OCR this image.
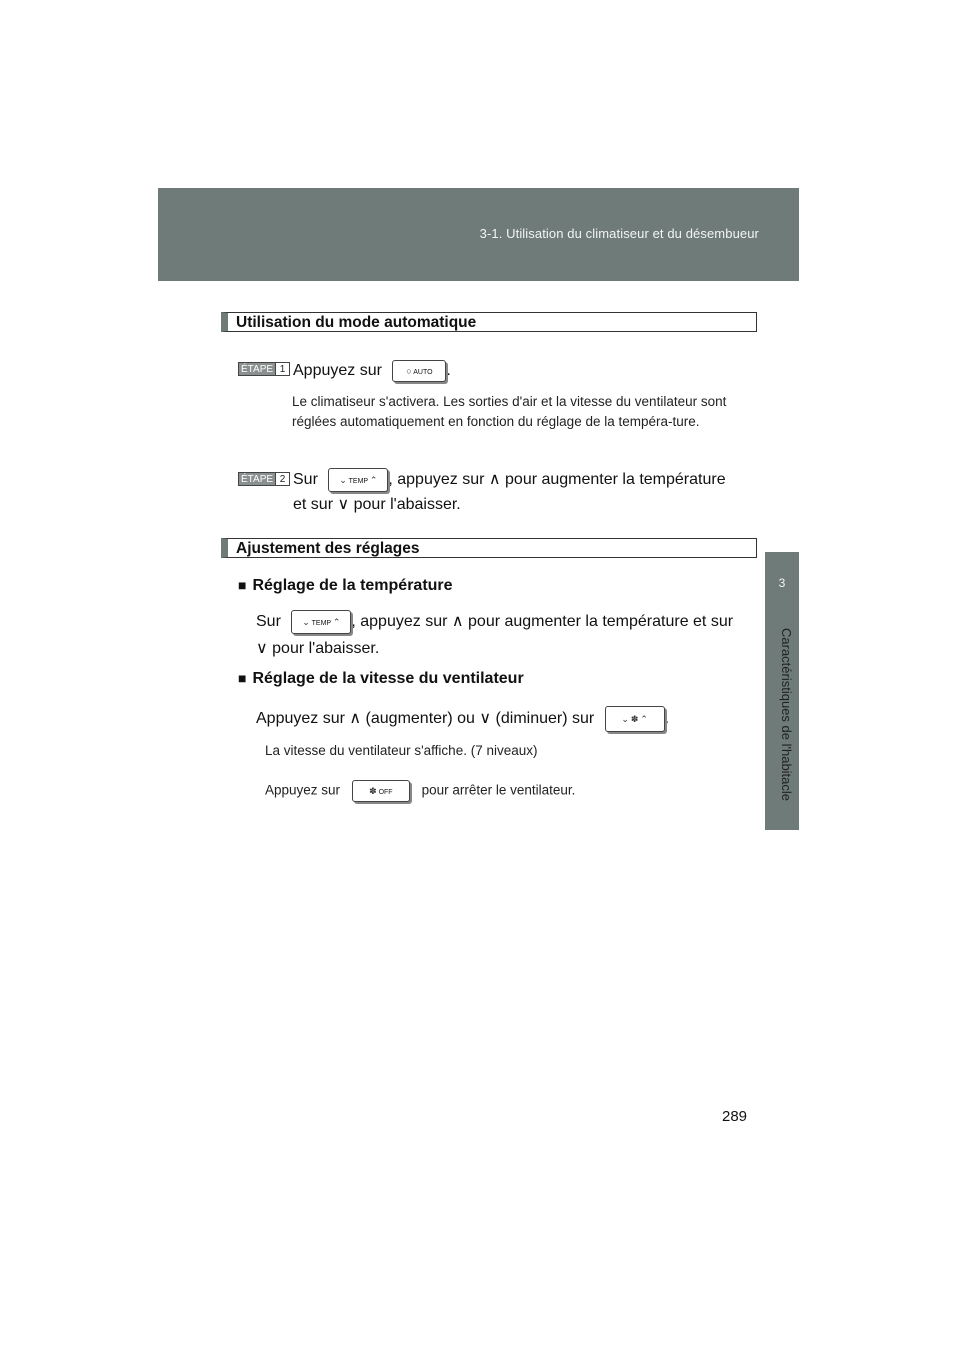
3-1. Utilisation du climatiseur et du désembueur
3
Caractéristiques de l'habitacle
Utilisation du mode automatique
ÉTAPE 1 Appuyez sur	○ AUTO .
Le climatiseur s'activera. Les sorties d'air et la vitesse du ventilateur sont réglées automatiquement en fonction du réglage de la tempéra-ture.
ÉTAPE 2 Sur ⌄ TEMP ⌃ , appuyez sur ∧ pour augmenter la température
et sur ∨ pour l'abaisser.
Ajustement des réglages
■ Réglage de la température
Sur ⌄ TEMP ⌃ , appuyez sur ∧ pour augmenter la température et sur
∨ pour l'abaisser.
■ Réglage de la vitesse du ventilateur
Appuyez sur ∧ (augmenter) ou ∨ (diminuer) sur	⌄ ✽ ⌃ .
La vitesse du ventilateur s'affiche. (7 niveaux)
Appuyez sur	✽ OFF pour arrêter le ventilateur.
289
